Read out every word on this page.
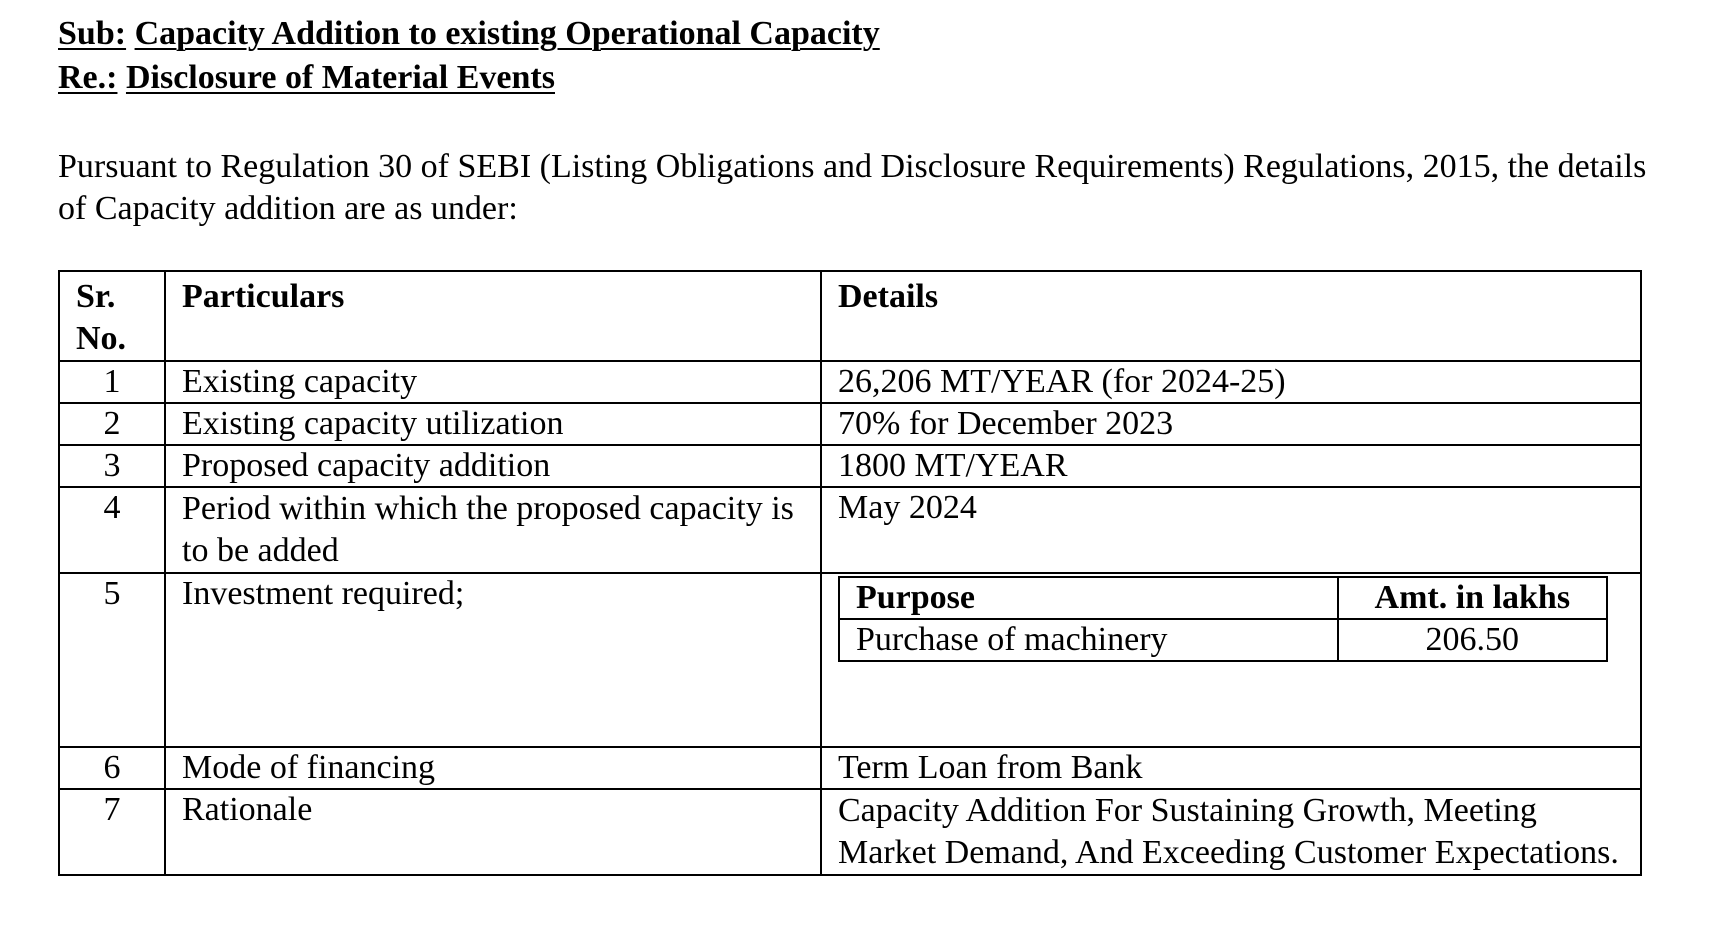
Sub: Capacity Addition to existing Operational Capacity
Re.: Disclosure of Material Events
Pursuant to Regulation 30 of SEBI (Listing Obligations and Disclosure Requirements) Regulations, 2015, the details of Capacity addition are as under:
Sr.
No.	Particulars	Details
1	Existing capacity	26,206 MT/YEAR (for 2024-25)
2	Existing capacity utilization	70% for December 2023
3	Proposed capacity addition	1800 MT/YEAR
4	Period within which the proposed capacity is to be added	May 2024
5	Investment required;		Purpose	Amt. in lakhs
Purchase of machinery	206.50

6	Mode of financing	Term Loan from Bank
7	Rationale	Capacity Addition For Sustaining Growth, Meeting Market Demand, And Exceeding Customer Expectations.
